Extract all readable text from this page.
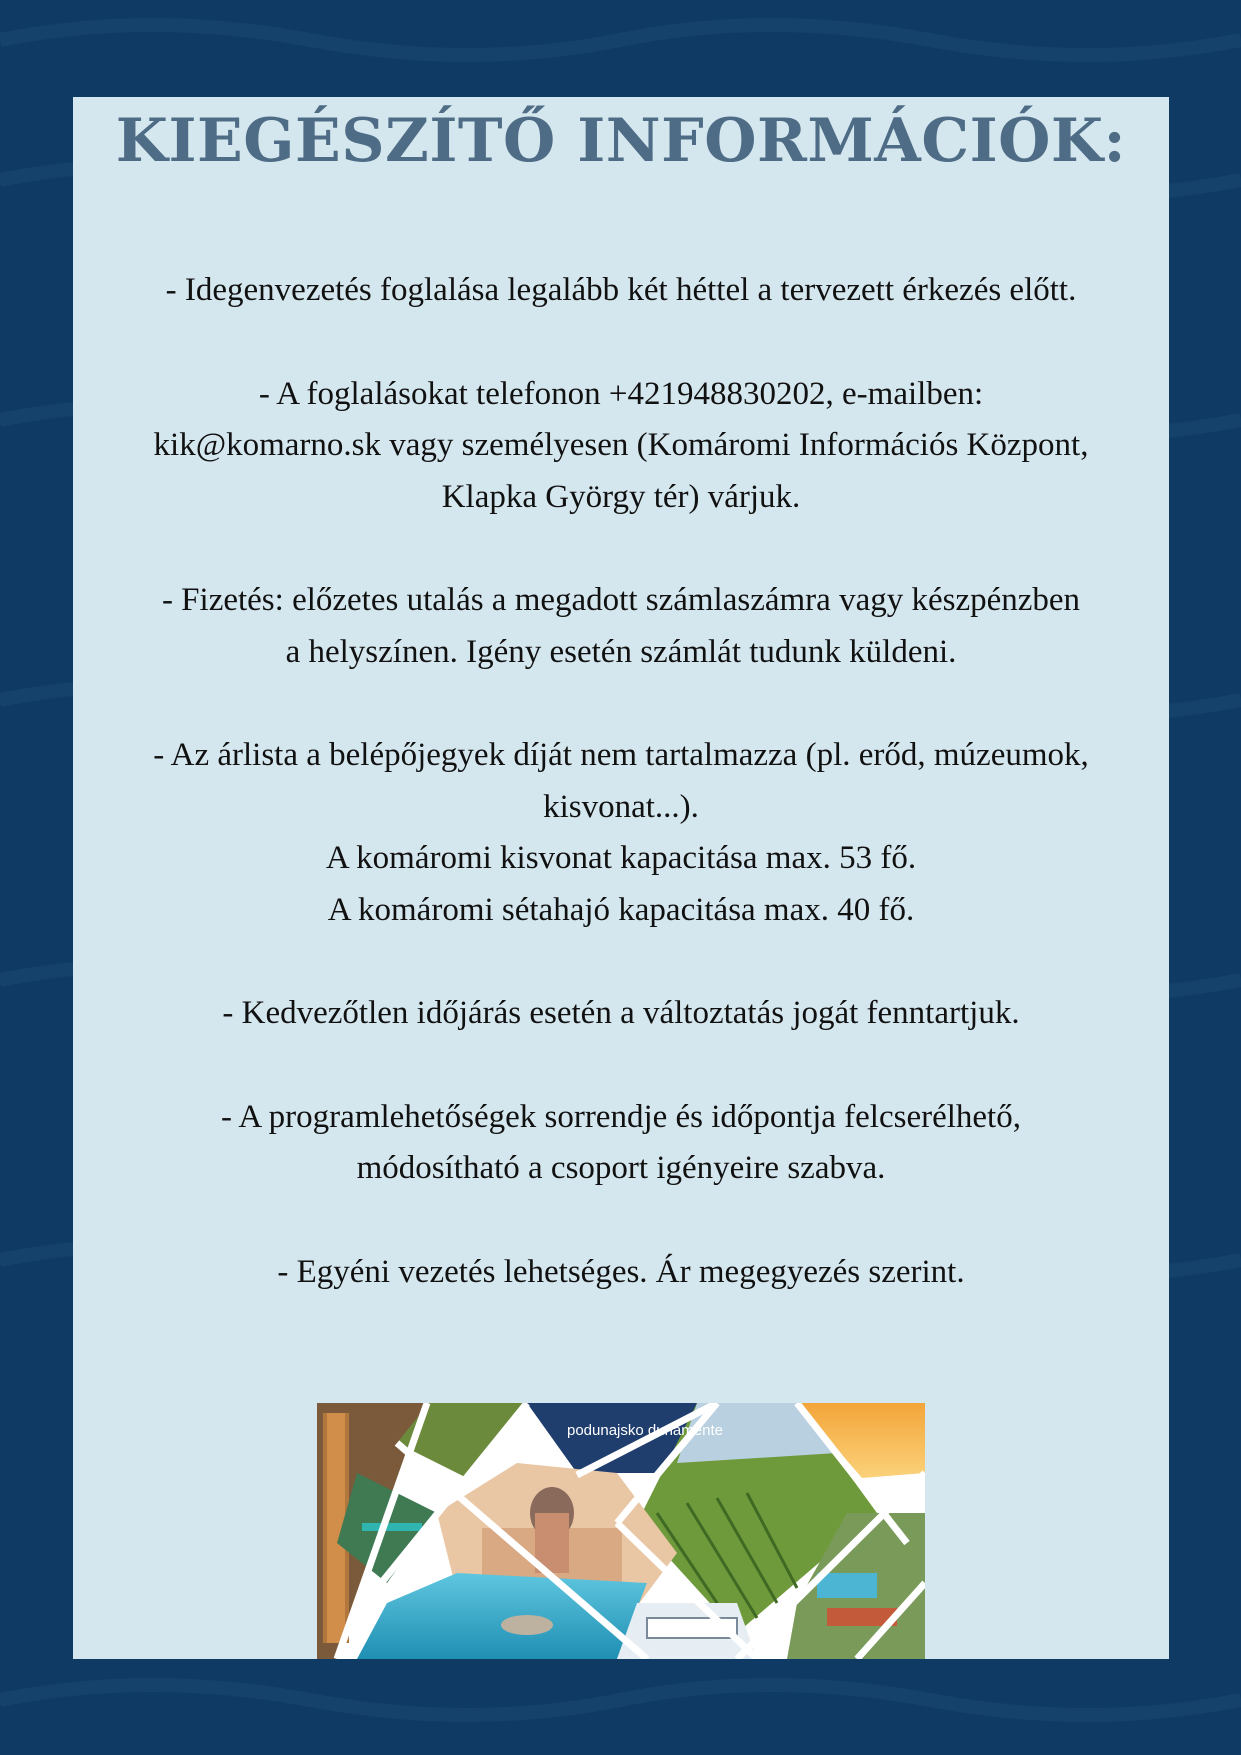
KIEGÉSZÍTŐ INFORMÁCIÓK:

- Idegenvezetés foglalása legalább két héttel a tervezett érkezés előtt.

- A foglalásokat telefonon +421948830202, e-mailben:
kik@komarno.sk vagy személyesen (Komáromi Információs Központ,
Klapka György tér) várjuk.

- Fizetés: előzetes utalás a megadott számlaszámra vagy készpénzben
a helyszínen. Igény esetén számlát tudunk küldeni.

- Az árlista a belépőjegyek díját nem tartalmazza (pl. erőd, múzeumok,
kisvonat...).
A komáromi kisvonat kapacitása max. 53 fő.
A komáromi sétahajó kapacitása max. 40 fő.

- Kedvezőtlen időjárás esetén a változtatás jogát fenntartjuk.

- A programlehetőségek sorrendje és időpontja felcserélhető,
módosítható a csoport igényeire szabva.

- Egyéni vezetés lehetséges. Ár megegyezés szerint.

podunajsko dunamente
